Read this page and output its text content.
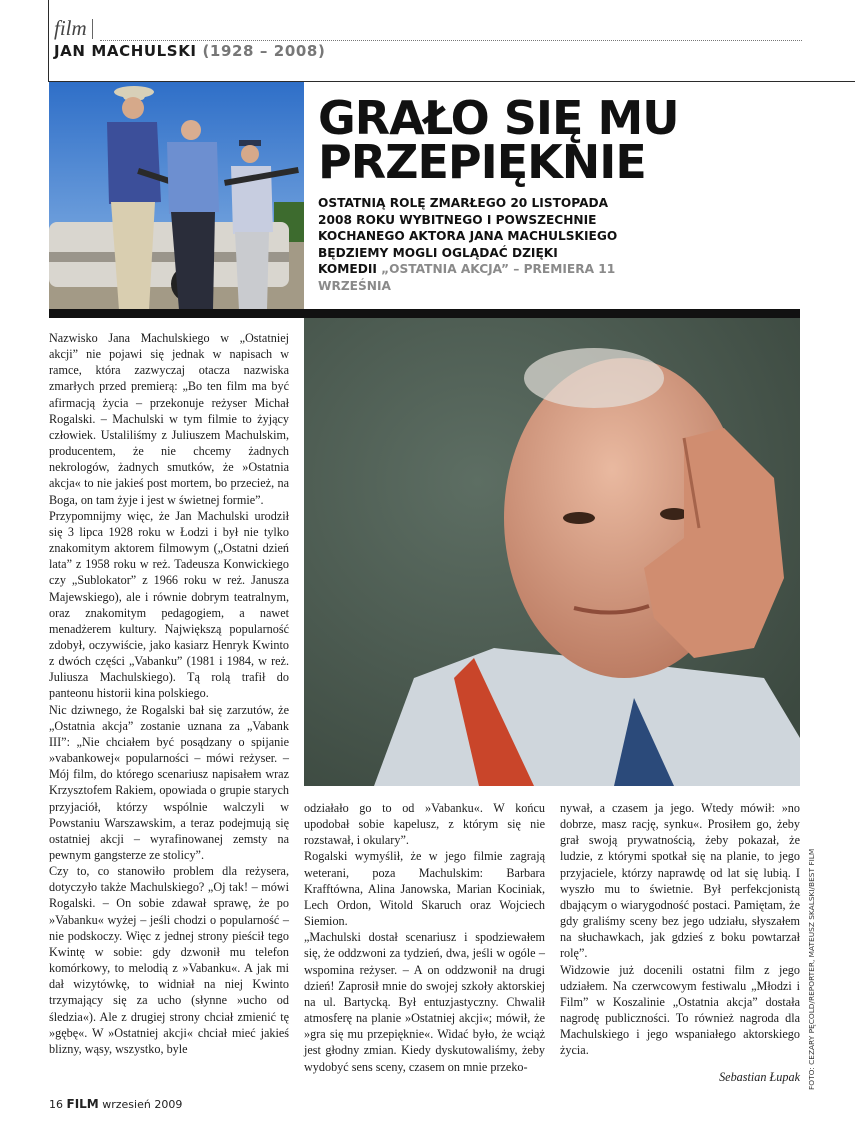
film
JAN MACHULSKI (1928 – 2008)
GRAŁO SIĘ MU
PRZEPIĘKNIE

OSTATNIĄ ROLĘ ZMARŁEGO 20 LISTOPADA 2008 ROKU WYBITNEGO I POWSZECHNIE KOCHANEGO AKTORA JANA MACHULSKIEGO BĘDZIEMY MOGLI OGLĄDAĆ DZIĘKI KOMEDII „OSTATNIA AKCJA” – PREMIERA 11 WRZEŚNIA

Nazwisko Jana Machulskiego w „Ostatniej akcji” nie pojawi się jednak w napisach w ramce, która zazwyczaj otacza nazwiska zmarłych przed premierą: „Bo ten film ma być afirmacją życia – przekonuje reżyser Michał Rogalski. – Machulski w tym filmie to żyjący człowiek. Ustaliliśmy z Juliuszem Machulskim, producentem, że nie chcemy żadnych nekrologów, żadnych smutków, że »Ostatnia akcja« to nie jakieś post mortem, bo przecież, na Boga, on tam żyje i jest w świetnej formie”.

Przypomnijmy więc, że Jan Machulski urodził się 3 lipca 1928 roku w Łodzi i był nie tylko znakomitym aktorem filmowym („Ostatni dzień lata” z 1958 roku w reż. Tadeusza Konwickiego czy „Sublokator” z 1966 roku w reż. Janusza Majewskiego), ale i równie dobrym teatralnym, oraz znakomitym pedagogiem, a nawet menadżerem kultury. Największą popularność zdobył, oczywiście, jako kasiarz Henryk Kwinto z dwóch części „Vabanku” (1981 i 1984, w reż. Juliusza Machulskiego). Tą rolą trafił do panteonu historii kina polskiego.

Nic dziwnego, że Rogalski bał się zarzutów, że „Ostatnia akcja” zostanie uznana za „Vabank III”: „Nie chciałem być posądzany o spijanie »vabankowej« popularności – mówi reżyser. – Mój film, do którego scenariusz napisałem wraz Krzysztofem Rakiem, opowiada o grupie starych przyjaciół, którzy wspólnie walczyli w Powstaniu Warszawskim, a teraz podejmują się ostatniej akcji – wyrafinowanej zemsty na pewnym gangsterze ze stolicy”.

Czy to, co stanowiło problem dla reżysera, dotyczyło także Machulskiego? „Oj tak! – mówi Rogalski. – On sobie zdawał sprawę, że po »Vabanku« wyżej – jeśli chodzi o popularność – nie podskoczy. Więc z jednej strony pieścił tego Kwintę w sobie: gdy dzwonił mu telefon komórkowy, to melodią z »Vabanku«. A jak mi dał wizytówkę, to widniał na niej Kwinto trzymający się za ucho (słynne »ucho od śledzia«). Ale z drugiej strony chciał zmienić tę »gębę«. W »Ostatniej akcji« chciał mieć jakieś blizny, wąsy, wszystko, byle

odziałało go to od »Vabanku«. W końcu upodobał sobie kapelusz, z którym się nie rozstawał, i okulary”.

Rogalski wymyślił, że w jego filmie zagrają weterani, poza Machulskim: Barbara Krafftówna, Alina Janowska, Marian Kociniak, Lech Ordon, Witold Skaruch oraz Wojciech Siemion.

„Machulski dostał scenariusz i spodziewałem się, że oddzwoni za tydzień, dwa, jeśli w ogóle – wspomina reżyser. – A on oddzwonił na drugi dzień! Zaprosił mnie do swojej szkoły aktorskiej na ul. Bartycką. Był entuzjastyczny. Chwalił atmosferę na planie »Ostatniej akcji«; mówił, że »gra się mu przepięknie«. Widać było, że wciąż jest głodny zmian. Kiedy dyskutowaliśmy, żeby wydobyć sens sceny, czasem on mnie przeko-

nywał, a czasem ja jego. Wtedy mówił: »no dobrze, masz rację, synku«. Prosiłem go, żeby grał swoją prywatnością, żeby pokazał, że ludzie, z którymi spotkał się na planie, to jego przyjaciele, którzy naprawdę od lat się lubią. I wyszło mu to świetnie. Był perfekcjonistą dbającym o wiarygodność postaci. Pamiętam, że gdy graliśmy sceny bez jego udziału, słyszałem na słuchawkach, jak gdzieś z boku powtarzał rolę”.

Widzowie już docenili ostatni film z jego udziałem. Na czerwcowym festiwalu „Młodzi i Film” w Koszalinie „Ostatnia akcja” dostała nagrodę publiczności. To również nagroda dla Machulskiego i jego wspaniałego aktorskiego życia.

Sebastian Łupak FOTO: CEZARY PĘCOLD/REPORTER, MATEUSZ SKALSKI/BEST FILM
16 FILM wrzesień 2009
